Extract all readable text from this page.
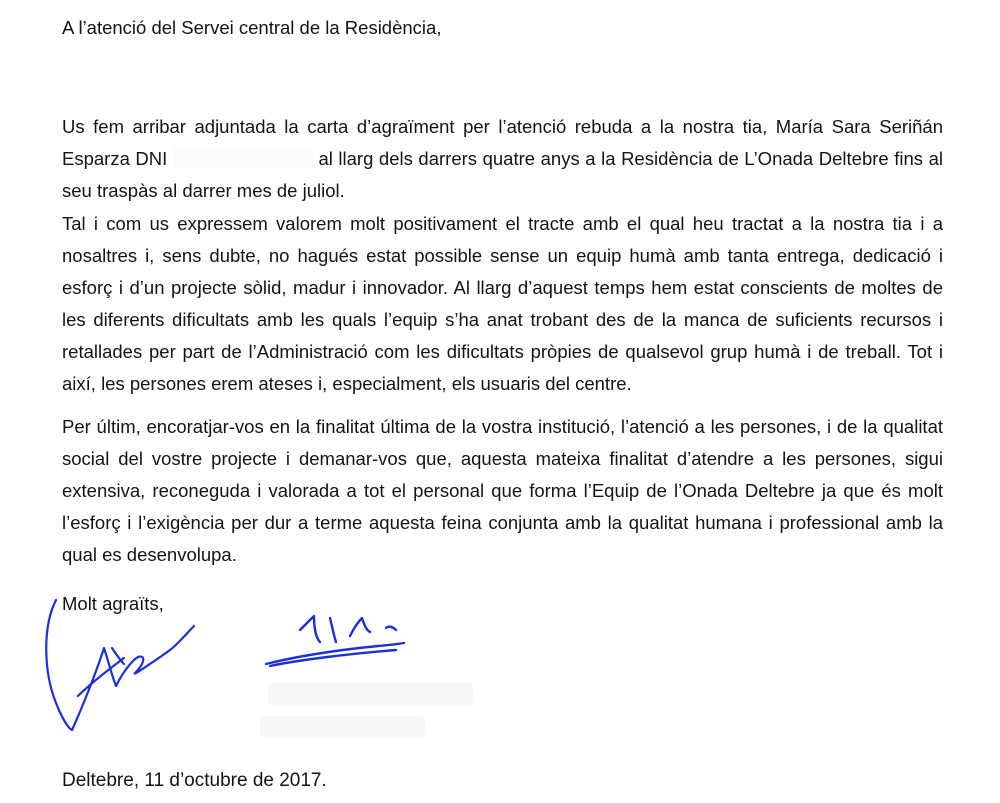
A l’atenció del Servei central de la Residència,

Us fem arribar adjuntada la carta d’agraïment per l’atenció rebuda a la nostra tia, María Sara Seriñán Esparza DNI	al llarg dels darrers quatre anys a la Residència de L’Onada Deltebre fins al seu traspàs al darrer mes de juliol.

Tal i com us expressem valorem molt positivament el tracte amb el qual heu tractat a la nostra tia i a nosaltres i, sens dubte, no hagués estat possible sense un equip humà amb tanta entrega, dedicació i esforç i d’un projecte sòlid, madur i innovador. Al llarg d’aquest temps hem estat conscients de moltes de les diferents dificultats amb les quals l’equip s’ha anat trobant des de la manca de suficients recursos i retallades per part de l’Administració com les dificultats pròpies de qualsevol grup humà i de treball. Tot i així, les persones erem ateses i, especialment, els usuaris del centre.

Per últim, encoratjar-vos en la finalitat última de la vostra institució, l’atenció a les persones, i de la qualitat social del vostre projecte i demanar-vos que, aquesta mateixa finalitat d’atendre a les persones, sigui extensiva, reconeguda i valorada a tot el personal que forma l’Equip de l’Onada Deltebre ja que és molt l’esforç i l’exigència per dur a terme aquesta feina conjunta amb la qualitat humana i professional amb la qual es desenvolupa.

Molt agraïts,
Deltebre, 11 d’octubre de 2017.
